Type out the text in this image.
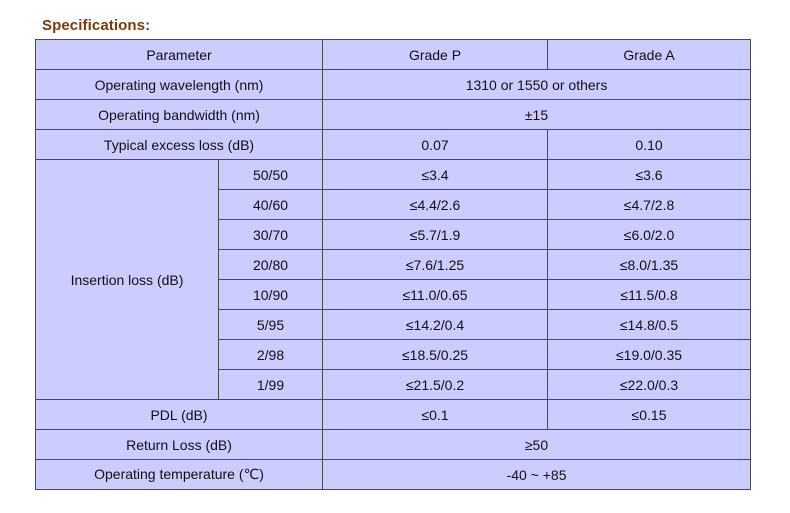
Specifications:
Parameter		Grade P	Grade A
Operating wavelength (nm)		1310 or 1550 or others	
Operating bandwidth (nm)		±15	
Typical excess loss (dB)		0.07	0.10
Insertion loss (dB)	50/50	≤3.4	≤3.6
	40/60	≤4.4/2.6	≤4.7/2.8
	30/70	≤5.7/1.9	≤6.0/2.0
	20/80	≤7.6/1.25	≤8.0/1.35
	10/90	≤11.0/0.65	≤11.5/0.8
	5/95	≤14.2/0.4	≤14.8/0.5
	2/98	≤18.5/0.25	≤19.0/0.35
	1/99	≤21.5/0.2	≤22.0/0.3
PDL (dB)		≤0.1	≤0.15
Return Loss (dB)		≥50	
Operating temperature (℃)		-40 ~ +85	
